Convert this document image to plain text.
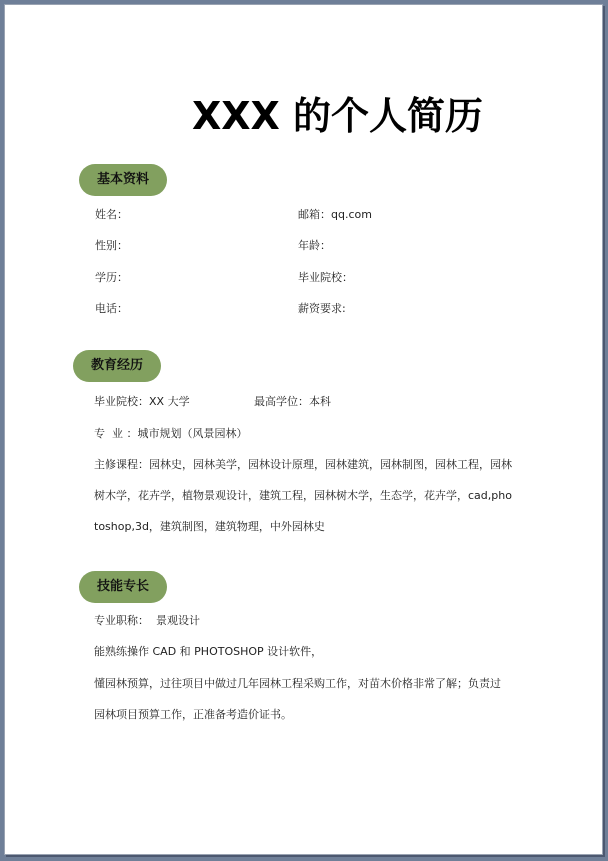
XXX 的个人简历
基本资料
姓名：	邮箱：qq.com
性别：	年龄：
学历：	毕业院校：
电话：	薪资要求:
教育经历
毕业院校：XX 大学	最高学位：本科
专  业 ：城市规划（风景园林）
主修课程：园林史，园林美学，园林设计原理，园林建筑，园林制图，园林工程，园林
树木学，花卉学，植物景观设计，建筑工程，园林树木学，生态学，花卉学，cad,pho
toshop,3d，建筑制图，建筑物理，中外园林史
技能专长
专业职称：  景观设计
能熟练操作 CAD 和 PHOTOSHOP 设计软件，
懂园林预算，过往项目中做过几年园林工程采购工作，对苗木价格非常了解；负责过
园林项目预算工作，正准备考造价证书。
